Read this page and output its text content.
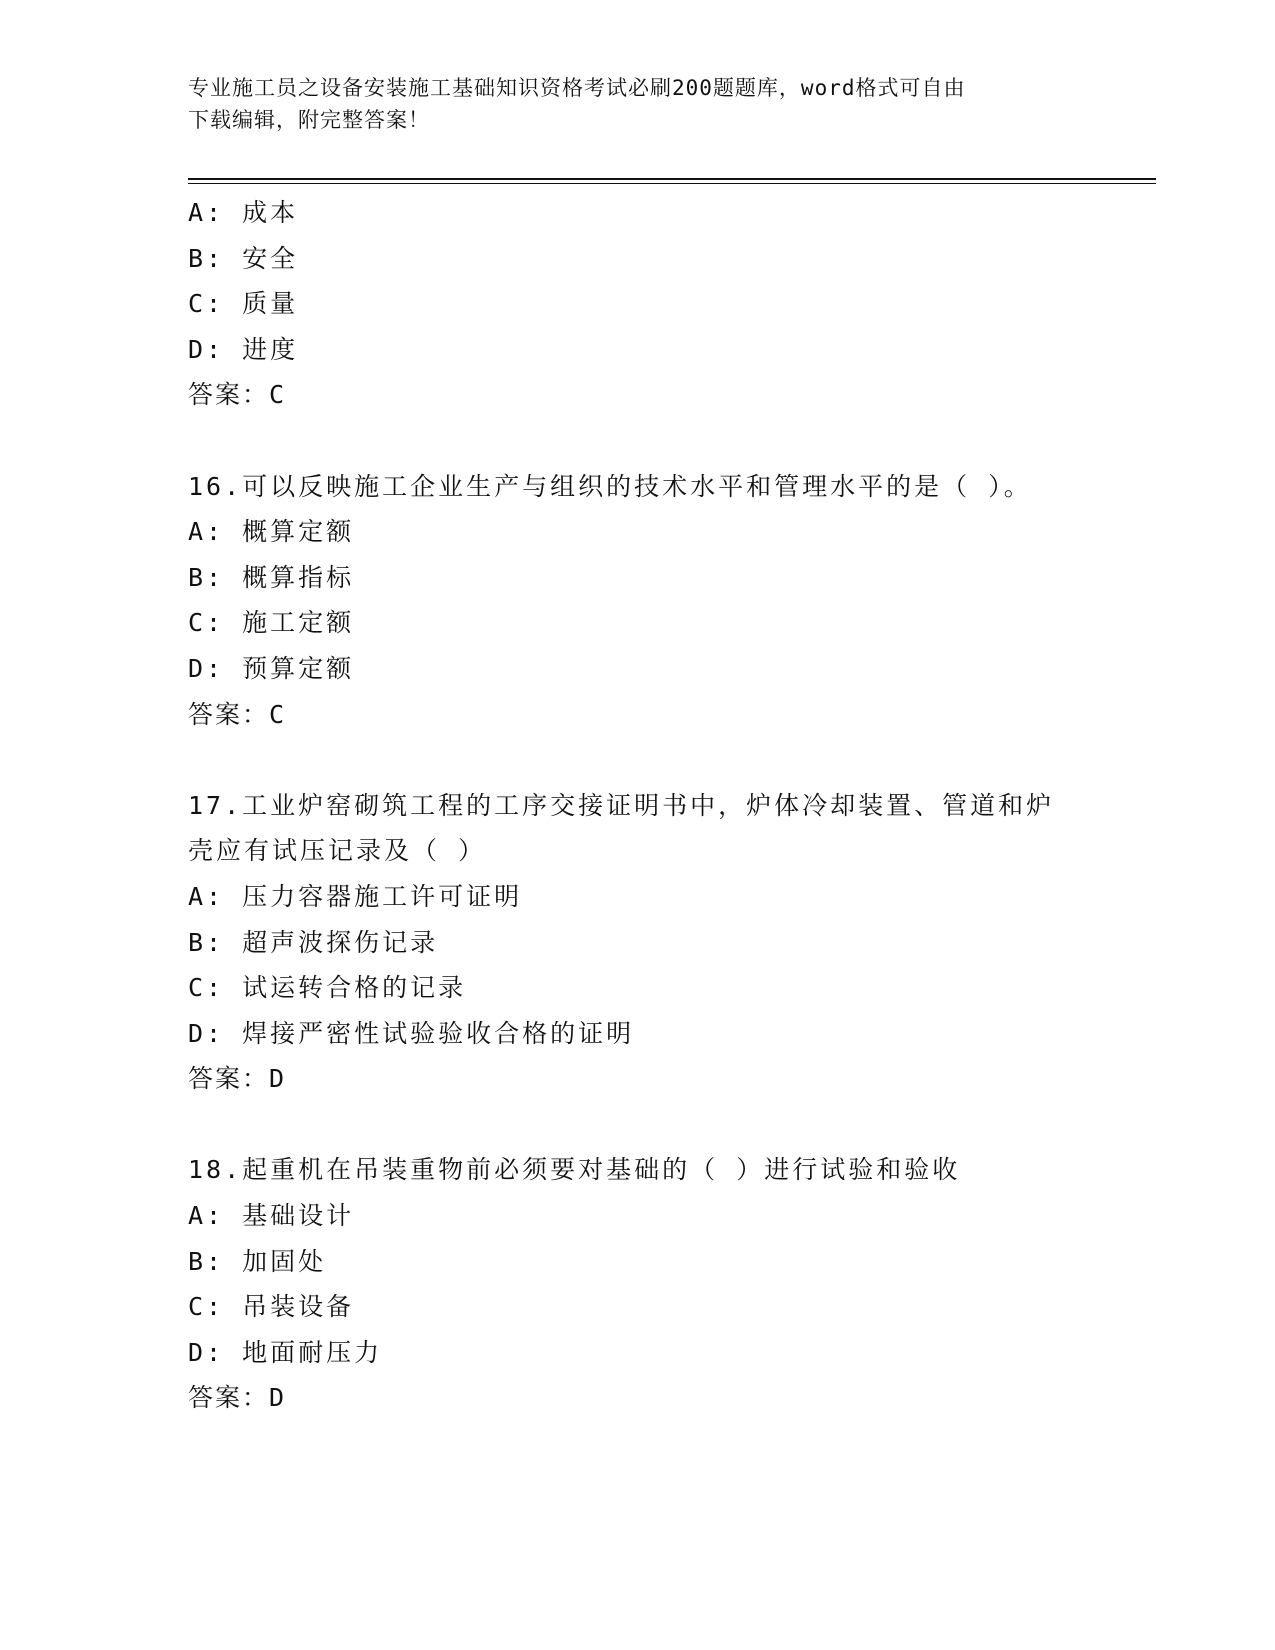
专业施工员之设备安装施工基础知识资格考试必刷200题题库，word格式可自由
下载编辑，附完整答案！
A: 成本
B: 安全
C: 质量
D: 进度
答案：C
16.可以反映施工企业生产与组织的技术水平和管理水平的是（ ）。
A: 概算定额
B: 概算指标
C: 施工定额
D: 预算定额
答案：C
17.工业炉窑砌筑工程的工序交接证明书中，炉体冷却装置、管道和炉
壳应有试压记录及（ ）
A: 压力容器施工许可证明
B: 超声波探伤记录
C: 试运转合格的记录
D: 焊接严密性试验验收合格的证明
答案：D
18.起重机在吊装重物前必须要对基础的（ ）进行试验和验收
A: 基础设计
B: 加固处
C: 吊装设备
D: 地面耐压力
答案：D
